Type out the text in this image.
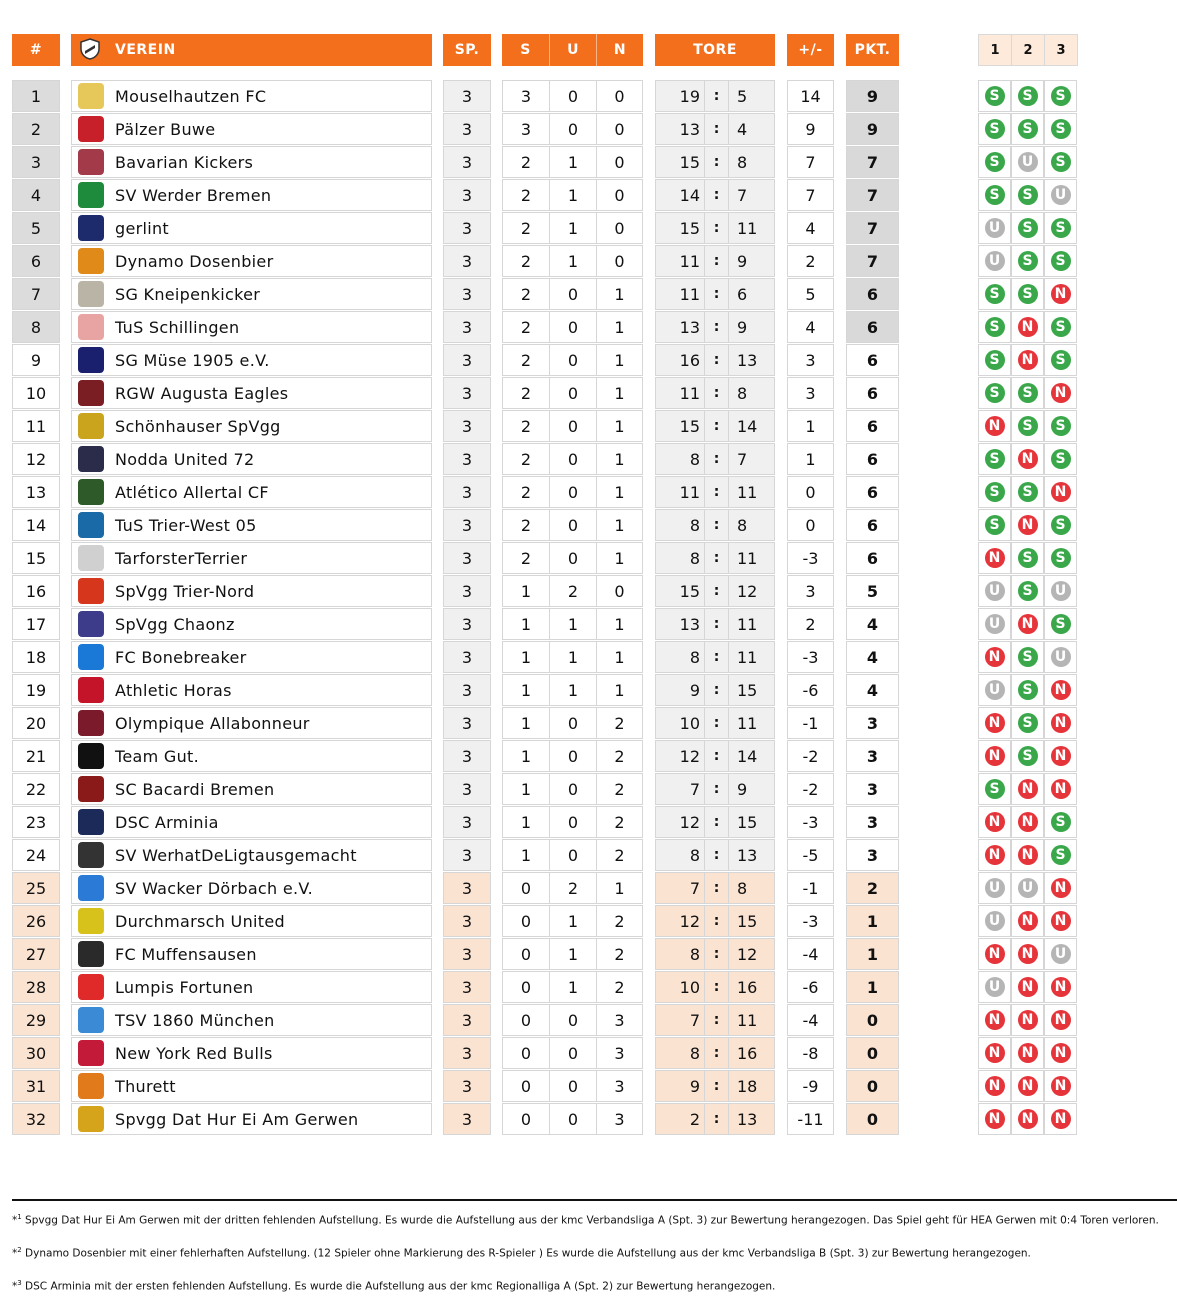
#	VEREIN	SP.	S	U	N	TORE	+/-	PKT.	1	2	3
1	Mouselhautzen FC	3	3	0	0	19 :	5	14	9	S	S	S
2	Pälzer Buwe	3	3	0	0	13 :	4	9	9	S	S	S
3	Bavarian Kickers	3	2	1	0	15 :	8	7	7	S	U	S
4	SV Werder Bremen	3	2	1	0	14 :	7	7	7	S	S	U
5	gerlint	3	2	1	0	15 :	11	4	7	U	S	S
6	Dynamo Dosenbier	3	2	1	0	11 :	9	2	7	U	S	S
7	SG Kneipenkicker	3	2	0	1	11 :	6	5	6	S	S	N
8	TuS Schillingen	3	2	0	1	13 :	9	4	6	S	N	S
9	SG Müse 1905 e.V.	3	2	0	1	16 :	13	3	6	S	N	S
10	RGW Augusta Eagles	3	2	0	1	11 :	8	3	6	S	S	N
11	Schönhauser SpVgg	3	2	0	1	15 :	14	1	6	N	S	S
12	Nodda United 72	3	2	0	1	8 :	7	1	6	S	N	S
13	Atlético Allertal CF	3	2	0	1	11 :	11	0	6	S	S	N
14	TuS Trier-West 05	3	2	0	1	8 :	8	0	6	S	N	S
15	TarforsterTerrier	3	2	0	1	8 :	11	-3	6	N	S	S
16	SpVgg Trier-Nord	3	1	2	0	15 :	12	3	5	U	S	U
17	SpVgg Chaonz	3	1	1	1	13 :	11	2	4	U	N	S
18	FC Bonebreaker	3	1	1	1	8 :	11	-3	4	N	S	U
19	Athletic Horas	3	1	1	1	9 :	15	-6	4	U	S	N
20	Olympique Allabonneur	3	1	0	2	10 :	11	-1	3	N	S	N
21	Team Gut.	3	1	0	2	12 :	14	-2	3	N	S	N
22	SC Bacardi Bremen	3	1	0	2	7 :	9	-2	3	S	N N
23	DSC Arminia	3	1	0	2	12 :	15	-3	3	N N	S
24	SV WerhatDeLigtausgemacht	3	1	0	2	8 :	13	-5	3	N N	S
25	SV Wacker Dörbach e.V.	3	0	2	1	7 :	8	-1	2	U	U	N
26	Durchmarsch United	3	0	1	2	12 :	15	-3	1	U	N N
27	FC Muffensausen	3	0	1	2	8 :	12	-4	1	N N	U
28	Lumpis Fortunen	3	0	1	2	10 :	16	-6	1	U	N N
29	TSV 1860 München	3	0	0	3	7 :	11	-4	0	N N N
30	New York Red Bulls	3	0	0	3	8 :	16	-8	0	N N N
31	Thurett	3	0	0	3	9 :	18	-9	0	N N N
32	Spvgg Dat Hur Ei Am Gerwen	3	0	0	3	2 :	13	-11	0	N N N
*$^1$ Spvgg Dat Hur Ei Am Gerwen mit der dritten fehlenden Aufstellung. Es wurde die Aufstellung aus der kmc Verbandsliga A (Spt. 3) zur Bewertung herangezogen. Das Spiel geht für HEA Gerwen mit 0:4 Toren verloren.
*$^2$ Dynamo Dosenbier mit einer fehlerhaften Aufstellung. (12 Spieler ohne Markierung des R-Spieler ) Es wurde die Aufstellung aus der kmc Verbandsliga B (Spt. 3) zur Bewertung herangezogen.
*$^3$ DSC Arminia mit der ersten fehlenden Aufstellung. Es wurde die Aufstellung aus der kmc Regionalliga A (Spt. 2) zur Bewertung herangezogen.
